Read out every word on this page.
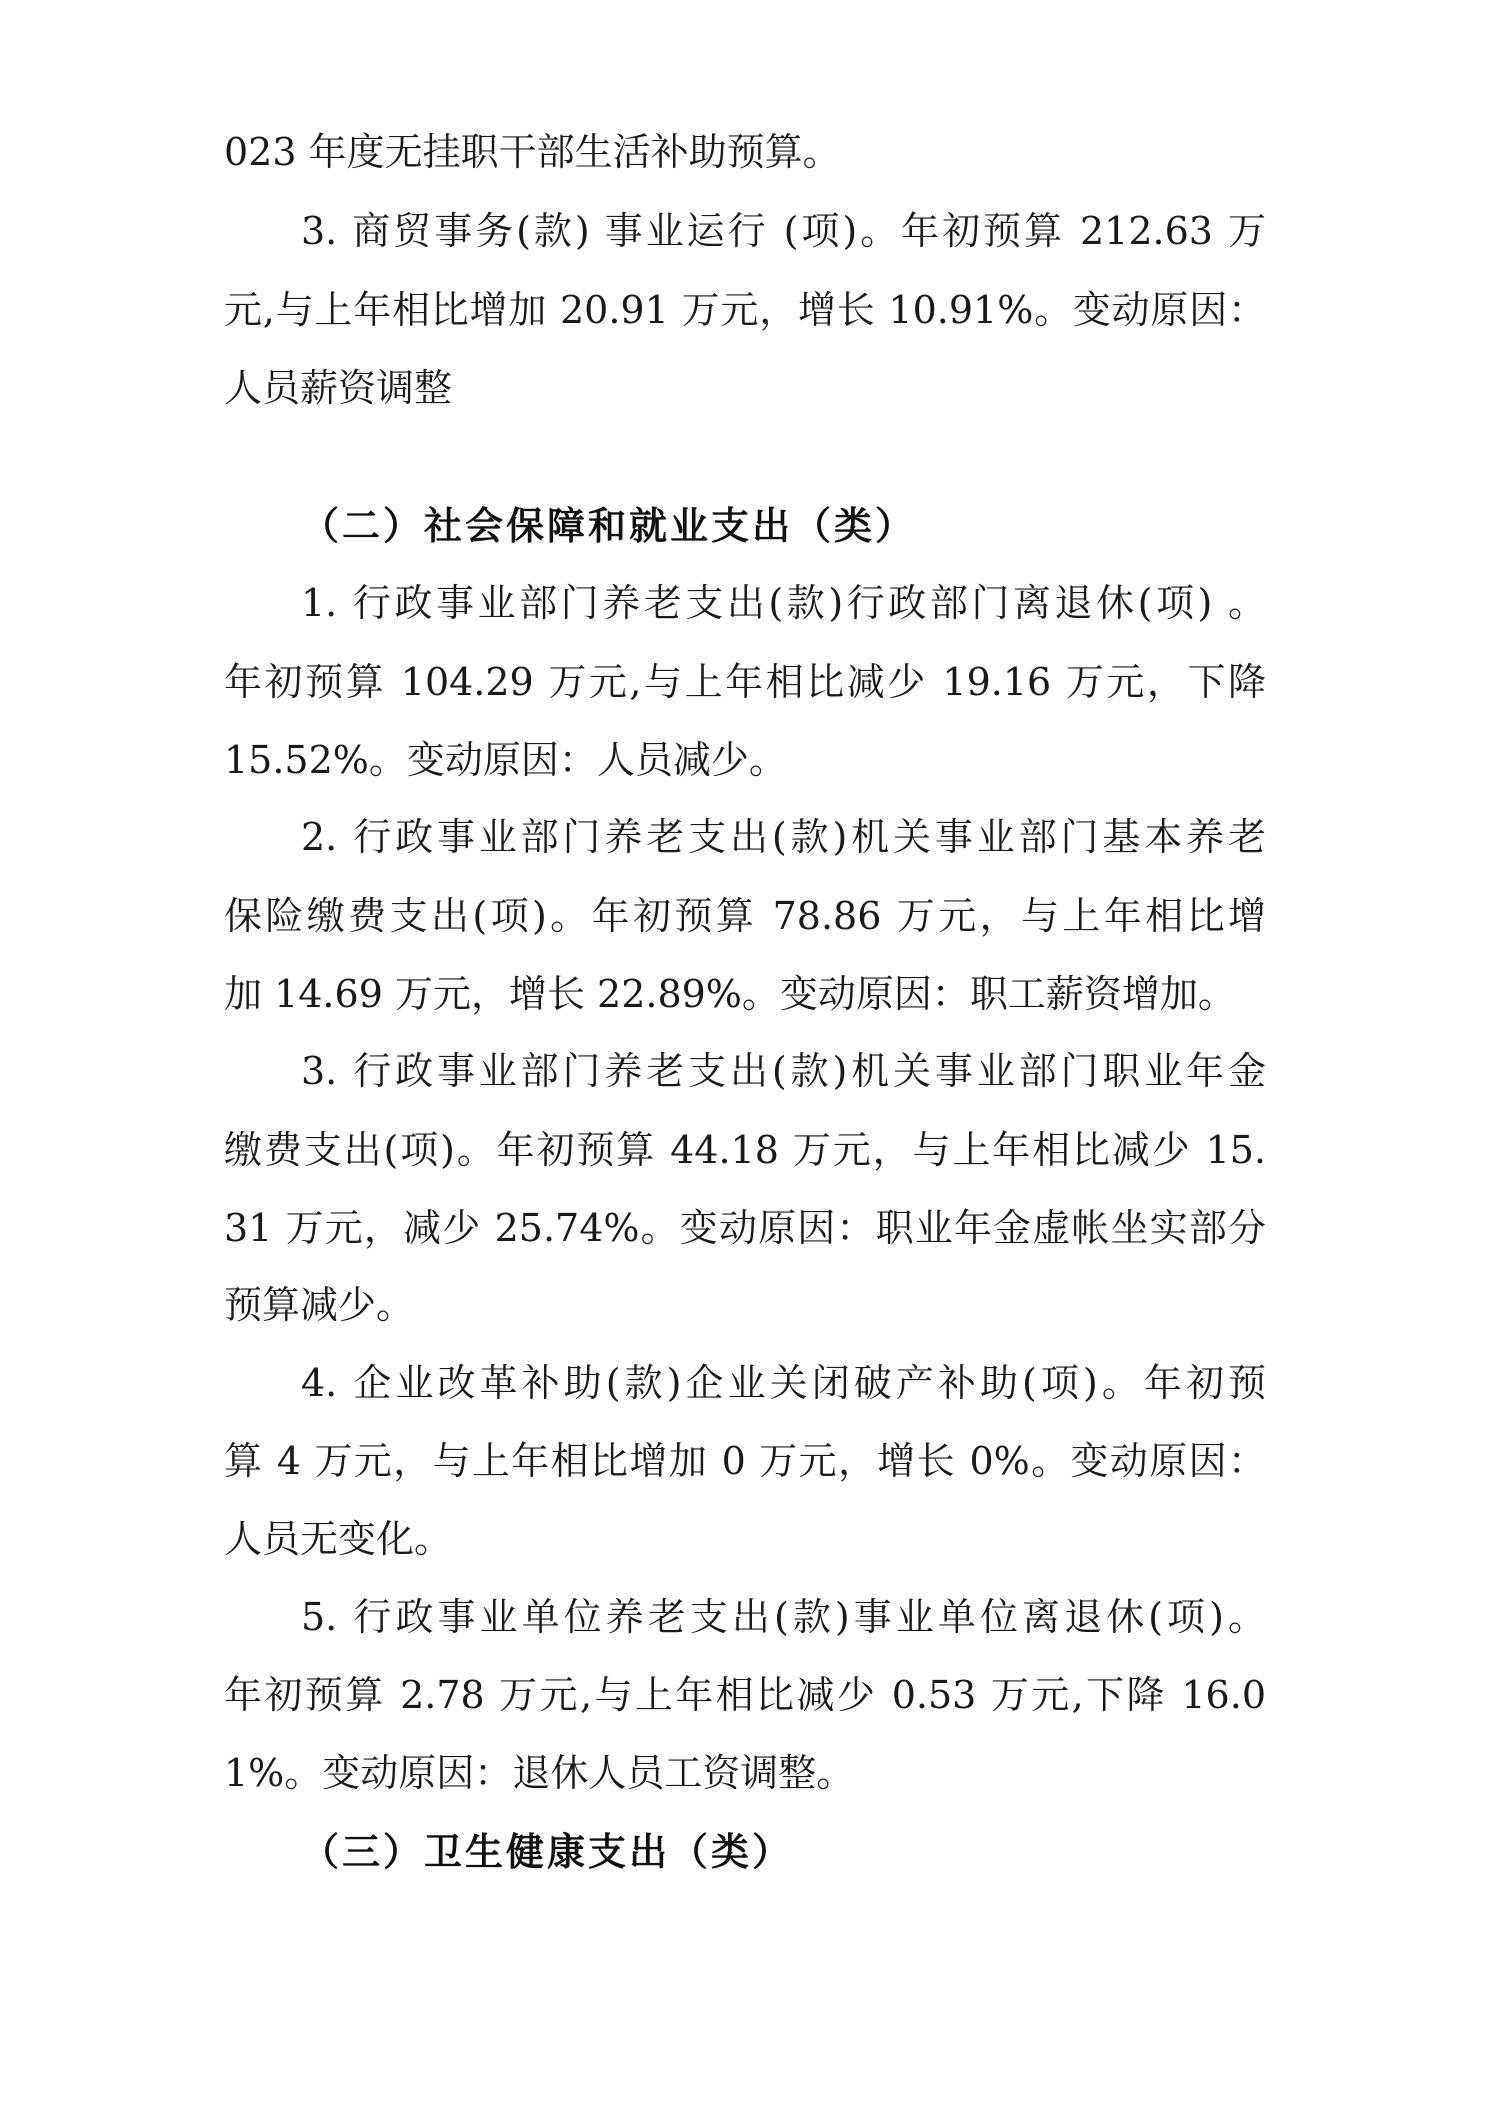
023 年度无挂职干部生活补助预算。
3. 商贸事务(款) 事业运行 (项)。年初预算 212.63 万
元,与上年相比增加 20.91 万元，增长 10.91%。变动原因：
人员薪资调整
（二）社会保障和就业支出（类）
1. 行政事业部门养老支出(款)行政部门离退休(项) 。
年初预算 104.29 万元,与上年相比减少 19.16 万元，下降
15.52%。变动原因：人员减少。
2. 行政事业部门养老支出(款)机关事业部门基本养老
保险缴费支出(项)。年初预算 78.86 万元，与上年相比增
加 14.69 万元，增长 22.89%。变动原因：职工薪资增加。
3. 行政事业部门养老支出(款)机关事业部门职业年金
缴费支出(项)。年初预算 44.18 万元，与上年相比减少 15.
31 万元，减少 25.74%。变动原因：职业年金虚帐坐实部分
预算减少。
4. 企业改革补助(款)企业关闭破产补助(项)。年初预
算 4 万元，与上年相比增加 0 万元，增长 0%。变动原因：
人员无变化。
5. 行政事业单位养老支出(款)事业单位离退休(项)。
年初预算 2.78 万元,与上年相比减少 0.53 万元,下降 16.0
1%。变动原因：退休人员工资调整。
（三）卫生健康支出（类）
